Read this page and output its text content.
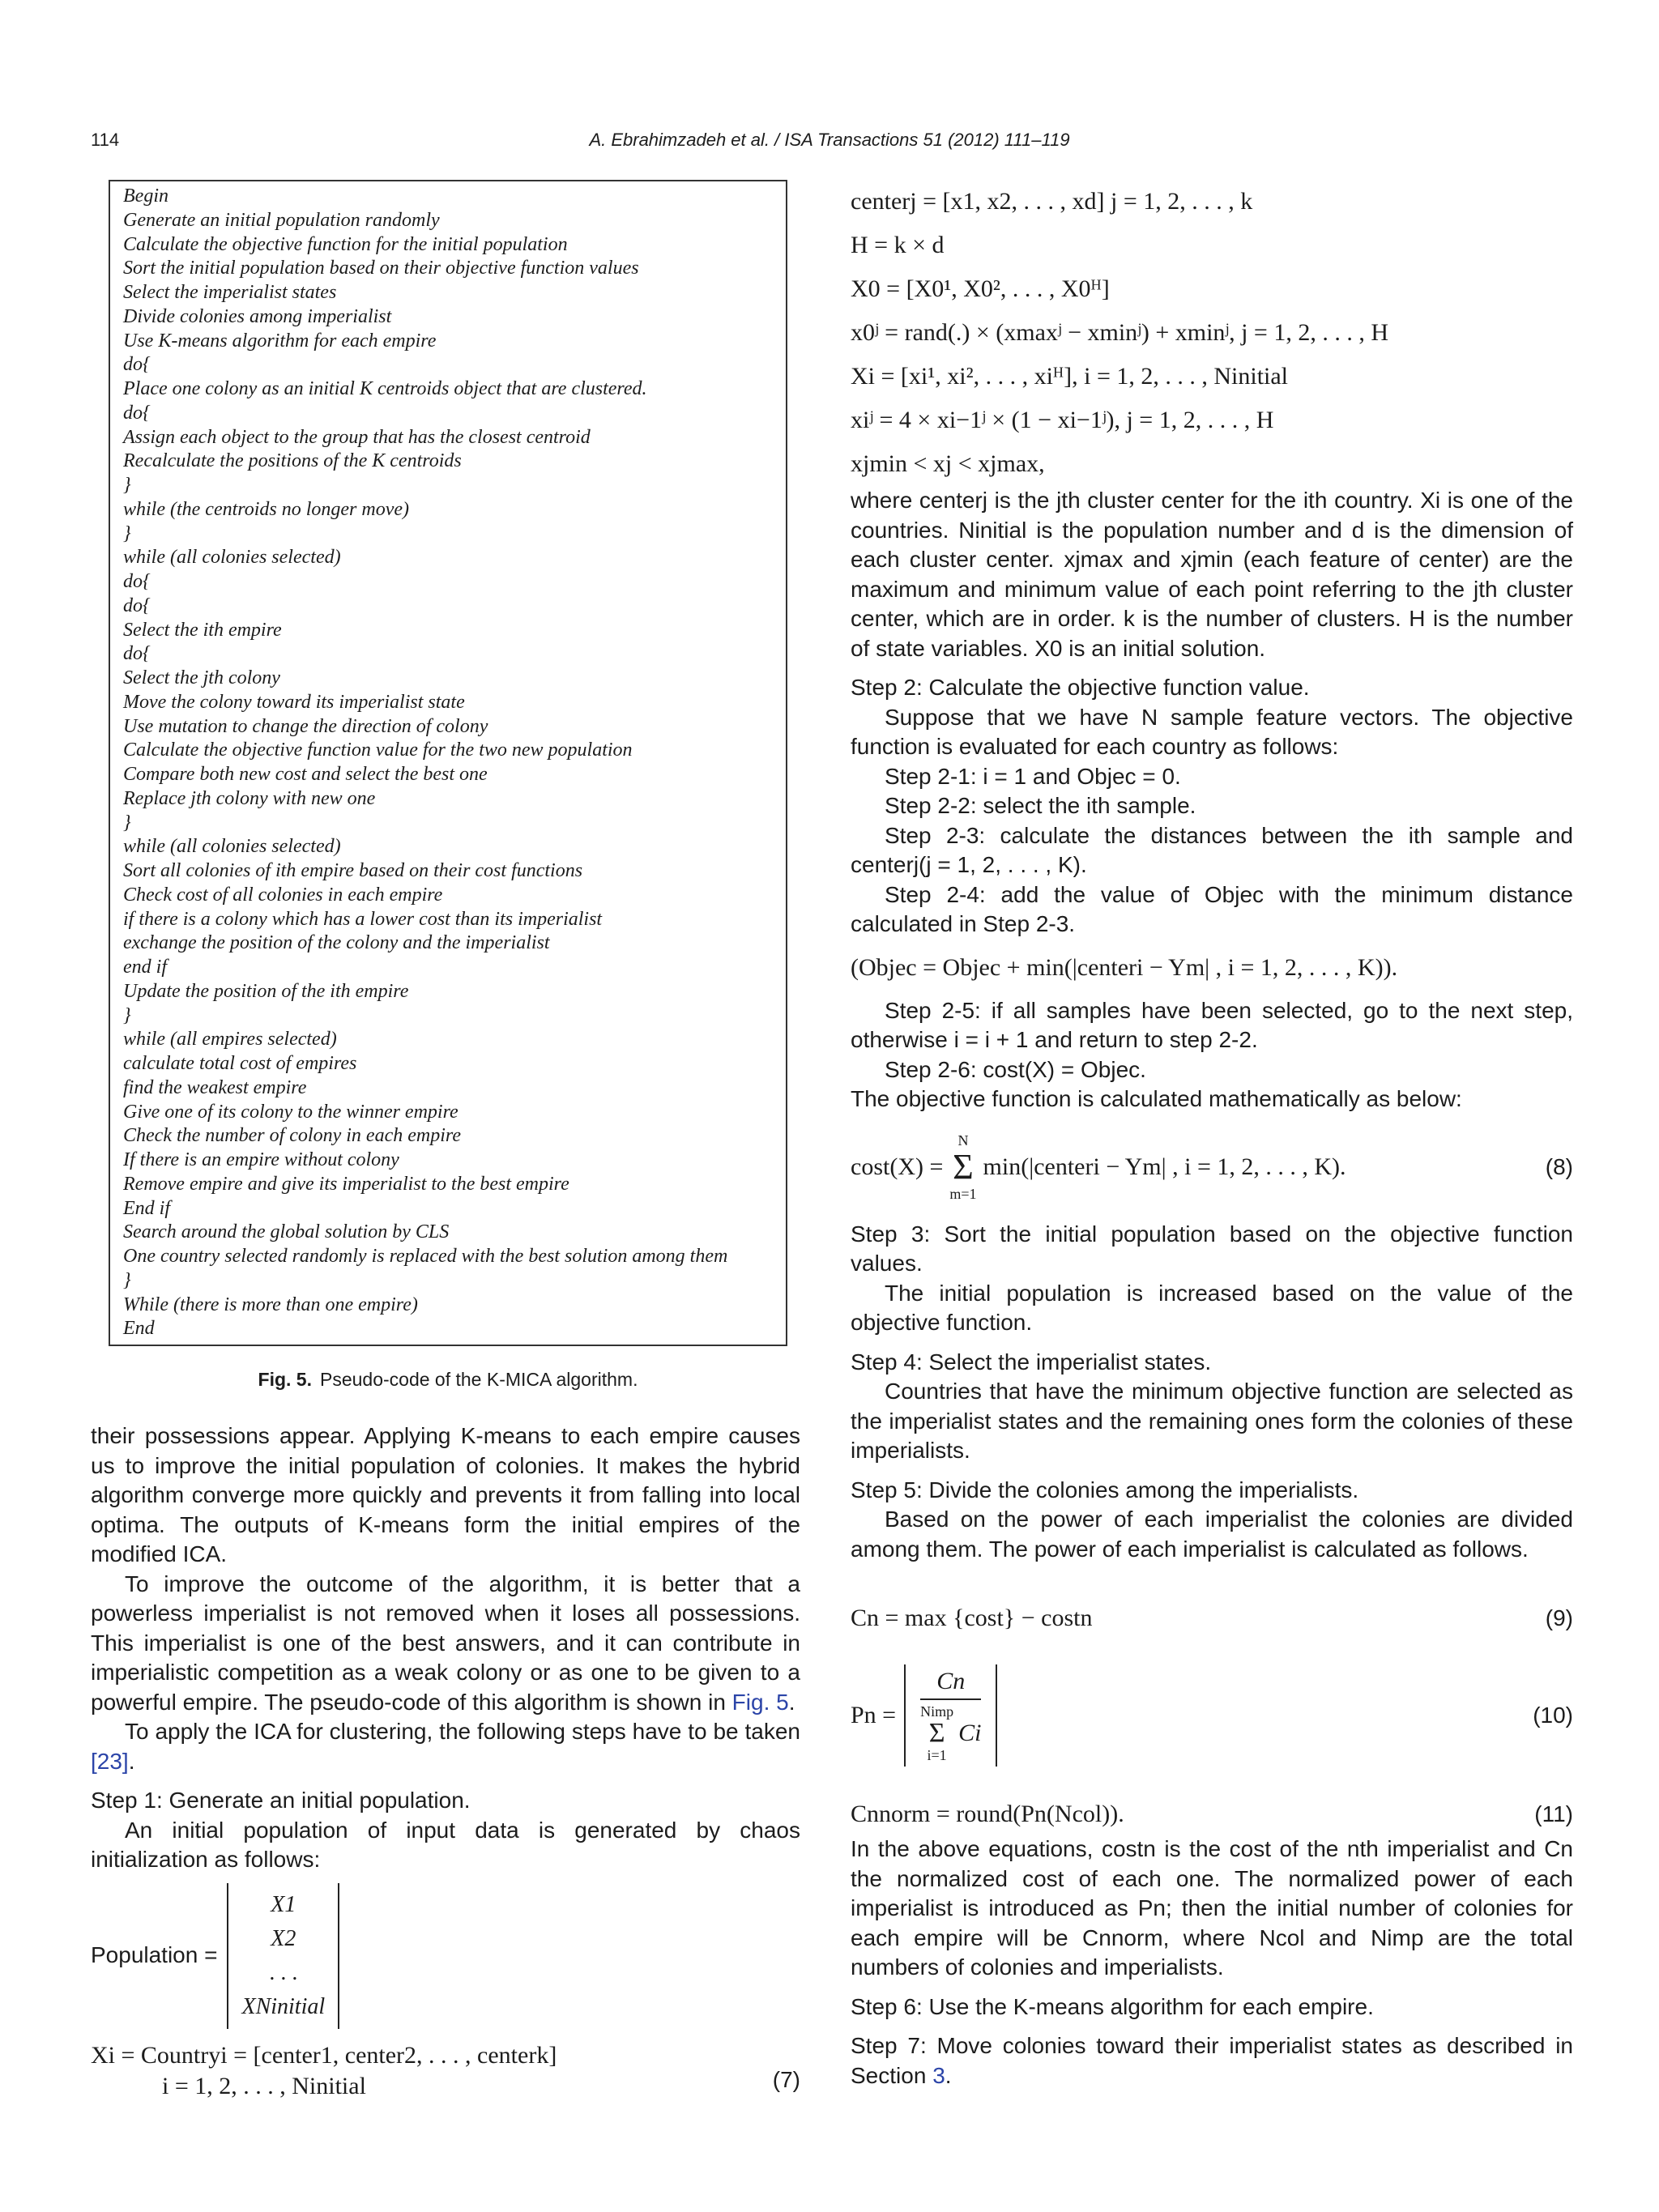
114	A. Ebrahimzadeh et al. / ISA Transactions 51 (2012) 111–119
Begin
Generate an initial population randomly
Calculate the objective function for the initial population
Sort the initial population based on their objective function values
Select the imperialist states
Divide colonies among imperialist
Use K-means algorithm for each empire
do{
Place one colony as an initial K centroids object that are clustered.
do{
Assign each object to the group that has the closest centroid
Recalculate the positions of the K centroids
}
while (the centroids no longer move)
}
while (all colonies selected)
do{
do{
Select the ith empire
do{
Select the jth colony
Move the colony toward its imperialist state
Use mutation to change the direction of colony
Calculate the objective function value for the two new population
Compare both new cost and select the best one
Replace jth colony with new one
}
while (all colonies selected)
Sort all colonies of ith empire based on their cost functions
Check cost of all colonies in each empire
if there is a colony which has a lower cost than its imperialist
exchange the position of the colony and the imperialist
end if
Update the position of the ith empire
}
while (all empires selected)
calculate total cost of empires
find the weakest empire
Give one of its colony to the winner empire
Check the number of colony in each empire
If there is an empire without colony
Remove empire and give its imperialist to the best empire
End if
Search around the global solution by CLS
One country selected randomly is replaced with the best solution among them
}
While (there is more than one empire)
End
Fig. 5. Pseudo-code of the K-MICA algorithm.

their possessions appear. Applying K-means to each empire causes us to improve the initial population of colonies. It makes the hybrid algorithm converge more quickly and prevents it from falling into local optima. The outputs of K-means form the initial empires of the modified ICA.

To improve the outcome of the algorithm, it is better that a powerless imperialist is not removed when it loses all possessions. This imperialist is one of the best answers, and it can contribute in imperialistic competition as a weak colony or as one to be given to a powerful empire. The pseudo-code of this algorithm is shown in Fig. 5.

To apply the ICA for clustering, the following steps have to be taken [23].

Step 1: Generate an initial population.

An initial population of input data is generated by chaos initialization as follows:

Population =
X1
X2
. . .
XNinitial
Xi = Countryi = [center1, center2, . . . , centerk]
i = 1, 2, . . . , Ninitial	(7)
centerj = [x1, x2, . . . , xd] j = 1, 2, . . . , k
H = k × d
X0 = [X0¹, X0², . . . , X0ᴴ]
x0ʲ = rand(.) × (xmaxʲ − xminʲ) + xminʲ, j = 1, 2, . . . , H
Xi = [xi¹, xi², . . . , xiᴴ], i = 1, 2, . . . , Ninitial
xiʲ = 4 × xi−1ʲ × (1 − xi−1ʲ), j = 1, 2, . . . , H
xjmin < xj < xjmax,

where centerj is the jth cluster center for the ith country. Xi is one of the countries. Ninitial is the population number and d is the dimension of each cluster center. xjmax and xjmin (each feature of center) are the maximum and minimum value of each point referring to the jth cluster center, which are in order. k is the number of clusters. H is the number of state variables. X0 is an initial solution.

Step 2: Calculate the objective function value.

Suppose that we have N sample feature vectors. The objective function is evaluated for each country as follows:

Step 2-1: i = 1 and Objec = 0.

Step 2-2: select the ith sample.

Step 2-3: calculate the distances between the ith sample and centerj(j = 1, 2, . . . , K).

Step 2-4: add the value of Objec with the minimum distance calculated in Step 2-3.

(Objec = Objec + min(|centeri − Ym| , i = 1, 2, . . . , K)).

Step 2-5: if all samples have been selected, go to the next step, otherwise i = i + 1 and return to step 2-2.

Step 2-6: cost(X) = Objec.

The objective function is calculated mathematically as below:

cost(X) =
N
Σ
m=1
min(|centeri − Ym| , i = 1, 2, . . . , K).	(8)

Step 3: Sort the initial population based on the objective function values.

The initial population is increased based on the value of the objective function.

Step 4: Select the imperialist states.

Countries that have the minimum objective function are selected as the imperialist states and the remaining ones form the colonies of these imperialists.

Step 5: Divide the colonies among the imperialists.

Based on the power of each imperialist the colonies are divided among them. The power of each imperialist is calculated as follows.

Cn = max {cost} − costn	(9)
Pn =
Cn
Nimp
Σ
i=1
Ci
(10)
Cnnorm = round(Pn(Ncol)).	(11)

In the above equations, costn is the cost of the nth imperialist and Cn the normalized cost of each one. The normalized power of each imperialist is introduced as Pn; then the initial number of colonies for each empire will be Cnnorm, where Ncol and Nimp are the total numbers of colonies and imperialists.

Step 6: Use the K-means algorithm for each empire.

Step 7: Move colonies toward their imperialist states as described in Section 3.
